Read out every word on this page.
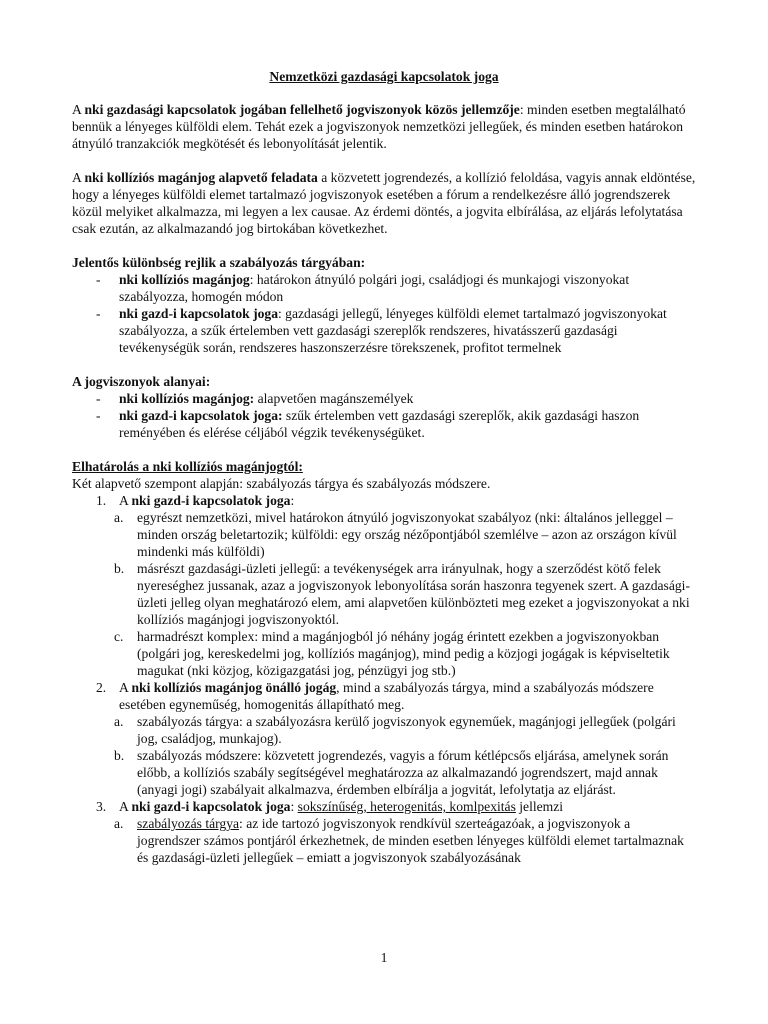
Nemzetközi gazdasági kapcsolatok joga

A nki gazdasági kapcsolatok jogában fellelhető jogviszonyok közös jellemzője: minden esetben megtalálható bennük a lényeges külföldi elem. Tehát ezek a jogviszonyok nemzetközi jellegűek, és minden esetben határokon átnyúló tranzakciók megkötését és lebonyolítását jelentik.

A nki kollíziós magánjog alapvető feladata a közvetett jogrendezés, a kollízió feloldása, vagyis annak eldöntése, hogy a lényeges külföldi elemet tartalmazó jogviszonyok esetében a fórum a rendelkezésre álló jogrendszerek közül melyiket alkalmazza, mi legyen a lex causae. Az érdemi döntés, a jogvita elbírálása, az eljárás lefolytatása csak ezután, az alkalmazandó jog birtokában következhet.

Jelentős különbség rejlik a szabályozás tárgyában:

- nki kollíziós magánjog: határokon átnyúló polgári jogi, családjogi és munkajogi viszonyokat szabályozza, homogén módon
- nki gazd-i kapcsolatok joga: gazdasági jellegű, lényeges külföldi elemet tartalmazó jogviszonyokat szabályozza, a szűk értelemben vett gazdasági szereplők rendszeres, hivatásszerű gazdasági tevékenységük során, rendszeres haszonszerzésre törekszenek, profitot termelnek

A jogviszonyok alanyai:

- nki kollíziós magánjog: alapvetően magánszemélyek
- nki gazd-i kapcsolatok joga: szűk értelemben vett gazdasági szereplők, akik gazdasági haszon reményében és elérése céljából végzik tevékenységüket.

Elhatárolás a nki kollíziós magánjogtól:

Két alapvető szempont alapján: szabályozás tárgya és szabályozás módszere.

1. A nki gazd-i kapcsolatok joga:
a. egyrészt nemzetközi, mivel határokon átnyúló jogviszonyokat szabályoz (nki: általános jelleggel – minden ország beletartozik; külföldi: egy ország nézőpontjából szemlélve – azon az országon kívül mindenki más külföldi)
b. másrészt gazdasági-üzleti jellegű: a tevékenységek arra irányulnak, hogy a szerződést kötő felek nyereséghez jussanak, azaz a jogviszonyok lebonyolítása során haszonra tegyenek szert. A gazdasági-üzleti jelleg olyan meghatározó elem, ami alapvetően különbözteti meg ezeket a jogviszonyokat a nki kollíziós magánjogi jogviszonyoktól.
c. harmadrészt komplex: mind a magánjogból jó néhány jogág érintett ezekben a jogviszonyokban (polgári jog, kereskedelmi jog, kollíziós magánjog), mind pedig a közjogi jogágak is képviseltetik magukat (nki közjog, közigazgatási jog, pénzügyi jog stb.)
2. A nki kollíziós magánjog önálló jogág, mind a szabályozás tárgya, mind a szabályozás módszere esetében egyneműség, homogenitás állapítható meg.
a. szabályozás tárgya: a szabályozásra kerülő jogviszonyok egyneműek, magánjogi jellegűek (polgári jog, családjog, munkajog).
b. szabályozás módszere: közvetett jogrendezés, vagyis a fórum kétlépcsős eljárása, amelynek során előbb, a kollíziós szabály segítségével meghatározza az alkalmazandó jogrendszert, majd annak (anyagi jogi) szabályait alkalmazva, érdemben elbírálja a jogvitát, lefolytatja az eljárást.
3. A nki gazd-i kapcsolatok joga: sokszínűség, heterogenitás, komlpexitás jellemzi
a. szabályozás tárgya: az ide tartozó jogviszonyok rendkívül szerteágazóak, a jogviszonyok a jogrendszer számos pontjáról érkezhetnek, de minden esetben lényeges külföldi elemet tartalmaznak és gazdasági-üzleti jellegűek – emiatt a jogviszonyok szabályozásának
1
